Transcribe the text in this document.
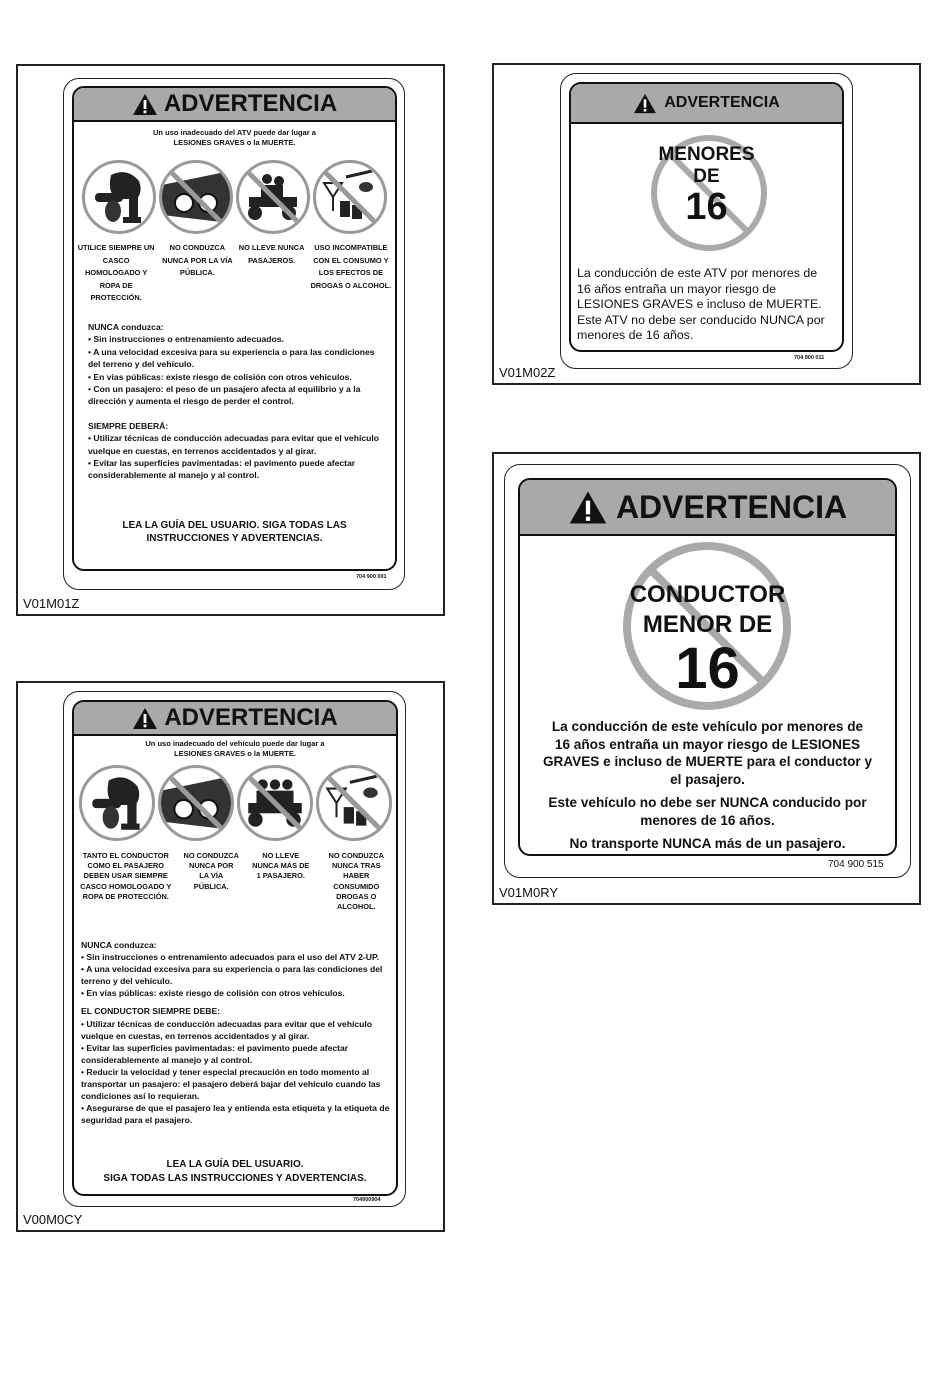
ADVERTENCIA
Un uso inadecuado del ATV puede dar lugar a
LESIONES GRAVES o la MUERTE.
UTILICE SIEMPRE UN CASCO HOMOLOGADO Y ROPA DE PROTECCIÓN.
NO CONDUZCA NUNCA POR LA VÍA PÚBLICA.
NO LLEVE NUNCA PASAJEROS.
USO INCOMPATIBLE CON EL CONSUMO Y LOS EFECTOS DE DROGAS O ALCOHOL.
NUNCA conduzca:
• Sin instrucciones o entrenamiento adecuados.
• A una velocidad excesiva para su experiencia o para las condiciones del terreno y del vehículo.
• En vías públicas: existe riesgo de colisión con otros vehículos.
• Con un pasajero: el peso de un pasajero afecta al equilibrio y a la dirección y aumenta el riesgo de perder el control.
SIEMPRE DEBERÁ:
• Utilizar técnicas de conducción adecuadas para evitar que el vehículo vuelque en cuestas, en terrenos accidentados y al girar.
• Evitar las superficies pavimentadas: el pavimento puede afectar considerablemente al manejo y al control.
LEA LA GUÍA DEL USUARIO. SIGA TODAS LAS
INSTRUCCIONES Y ADVERTENCIAS.
704 900 001
V01M01Z
ADVERTENCIA
MENORES
DE
16
La conducción de este ATV por menores de
16 años entraña un mayor riesgo de
LESIONES GRAVES e incluso de MUERTE.
Este ATV no debe ser conducido NUNCA por
menores de 16 años.
704 900 011
V01M02Z
ADVERTENCIA
CONDUCTOR
MENOR DE
16
La conducción de este vehículo por menores de
16 años entraña un mayor riesgo de LESIONES
GRAVES e incluso de MUERTE para el conductor y
el pasajero.
Este vehículo no debe ser NUNCA conducido por
menores de 16 años.
No transporte NUNCA más de un pasajero.
704 900 515
V01M0RY
ADVERTENCIA
Un uso inadecuado del vehículo puede dar lugar a
LESIONES GRAVES o la MUERTE.
TANTO EL CONDUCTOR COMO EL PASAJERO DEBEN USAR SIEMPRE CASCO HOMOLOGADO Y ROPA DE PROTECCIÓN.
NO CONDUZCA NUNCA POR LA VÍA PÚBLICA.
NO LLEVE NUNCA MÁS DE 1 PASAJERO.
NO CONDUZCA NUNCA TRAS HABER CONSUMIDO DROGAS O ALCOHOL.
NUNCA conduzca:
• Sin instrucciones o entrenamiento adecuados para el uso del ATV 2-UP.
• A una velocidad excesiva para su experiencia o para las condiciones del terreno y del vehículo.
• En vías públicas: existe riesgo de colisión con otros vehículos.
EL CONDUCTOR SIEMPRE DEBE:
• Utilizar técnicas de conducción adecuadas para evitar que el vehículo vuelque en cuestas, en terrenos accidentados y al girar.
• Evitar las superficies pavimentadas: el pavimento puede afectar considerablemente al manejo y al control.
• Reducir la velocidad y tener especial precaución en todo momento al transportar un pasajero: el pasajero deberá bajar del vehículo cuando las condiciones así lo requieran.
• Asegurarse de que el pasajero lea y entienda esta etiqueta y la etiqueta de seguridad para el pasajero.
LEA LA GUÍA DEL USUARIO.
SIGA TODAS LAS INSTRUCCIONES Y ADVERTENCIAS.
704900904
V00M0CY
